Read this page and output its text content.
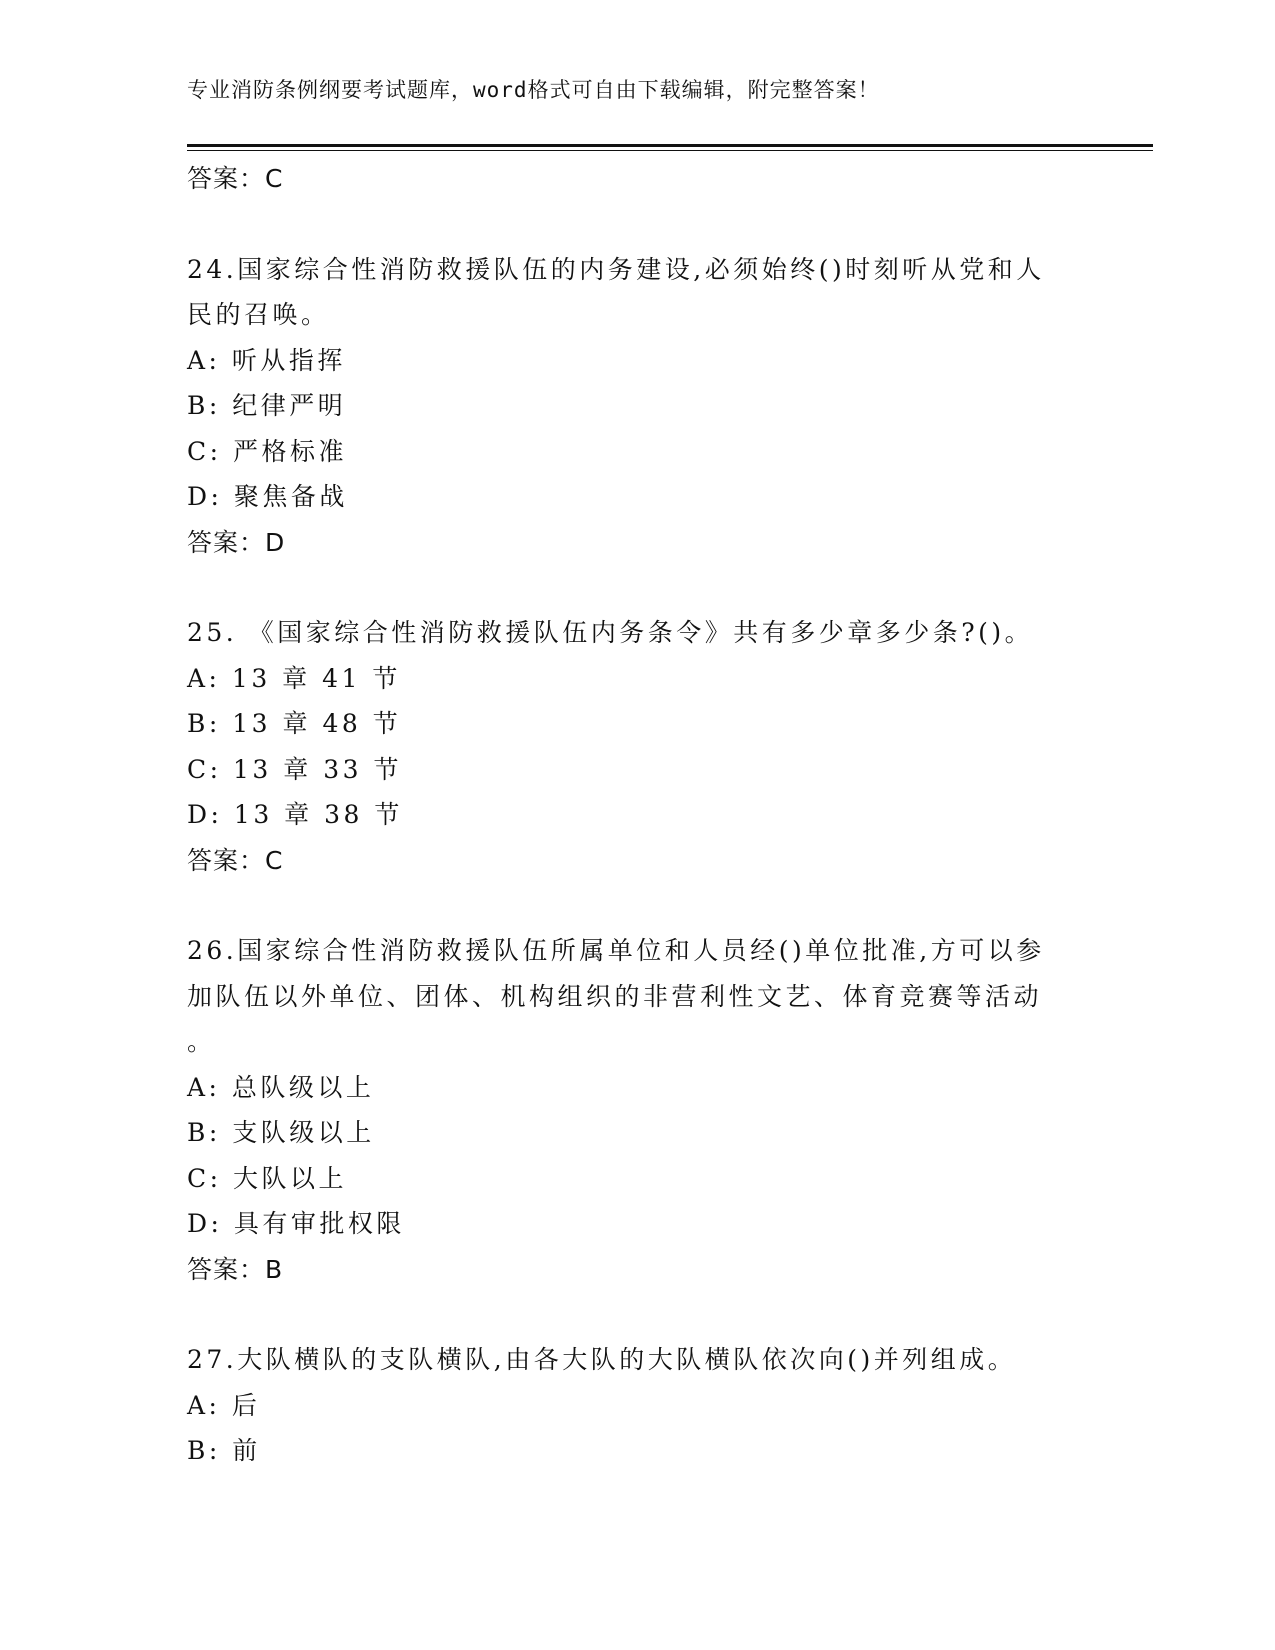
专业消防条例纲要考试题库，word格式可自由下载编辑，附完整答案！
答案：C
24.国家综合性消防救援队伍的内务建设,必须始终()时刻听从党和人
民的召唤。
A: 听从指挥
B: 纪律严明
C: 严格标准
D: 聚焦备战
答案：D
25. 《国家综合性消防救援队伍内务条令》共有多少章多少条?()。
A: 13 章 41 节
B: 13 章 48 节
C: 13 章 33 节
D: 13 章 38 节
答案：C
26.国家综合性消防救援队伍所属单位和人员经()单位批准,方可以参
加队伍以外单位、团体、机构组织的非营利性文艺、体育竞赛等活动
。
A: 总队级以上
B: 支队级以上
C: 大队以上
D: 具有审批权限
答案：B
27.大队横队的支队横队,由各大队的大队横队依次向()并列组成。
A: 后
B: 前
